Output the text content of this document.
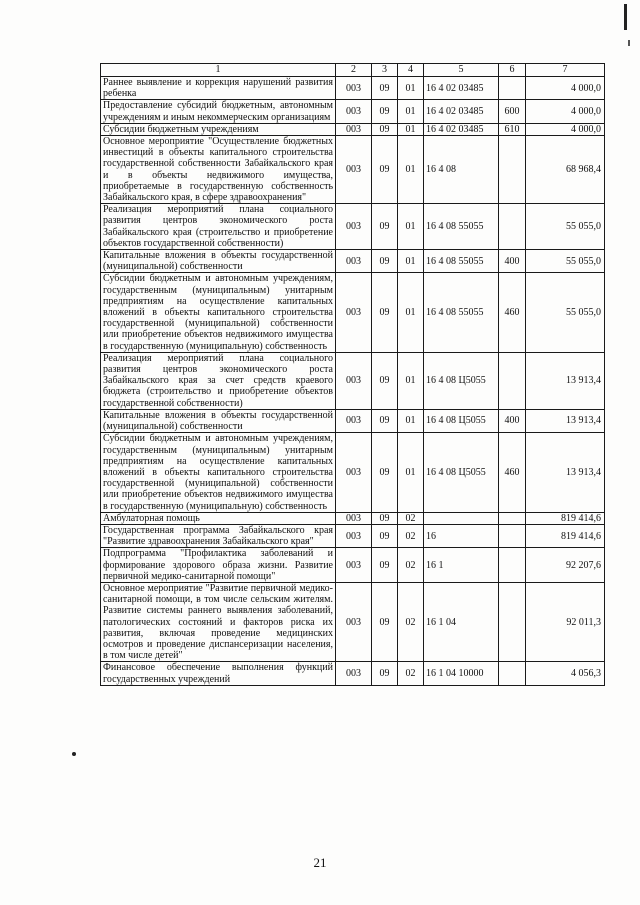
1	2	3	4	5	6	7
Раннее выявление и коррекция нарушений развития ребенка	003	09	01	16 4 02 03485		4 000,0
Предоставление субсидий бюджетным, автономным учреждениям и иным некоммерческим организациям	003	09	01	16 4 02 03485	600	4 000,0
Субсидии бюджетным учреждениям	003	09	01	16 4 02 03485	610	4 000,0
Основное мероприятие "Осуществление бюджетных инвестиций в объекты капитального строительства государственной собственности Забайкальского края и в объекты недвижимого имущества, приобретаемые в государственную собственность Забайкальского края, в сфере здравоохранения"	003	09	01	16 4 08		68 968,4
Реализация мероприятий плана социального развития центров экономического роста Забайкальского края (строительство и приобретение объектов государственной собственности)	003	09	01	16 4 08 55055		55 055,0
Капитальные вложения в объекты государственной (муниципальной) собственности	003	09	01	16 4 08 55055	400	55 055,0
Субсидии бюджетным и автономным учреждениям, государственным (муниципальным) унитарным предприятиям на осуществление капитальных вложений в объекты капитального строительства государственной (муниципальной) собственности или приобретение объектов недвижимого имущества в государственную (муниципальную) собственность	003	09	01	16 4 08 55055	460	55 055,0
Реализация мероприятий плана социального развития центров экономического роста Забайкальского края за счет средств краевого бюджета (строительство и приобретение объектов государственной собственности)	003	09	01	16 4 08 Ц5055		13 913,4
Капитальные вложения в объекты государственной (муниципальной) собственности	003	09	01	16 4 08 Ц5055	400	13 913,4
Субсидии бюджетным и автономным учреждениям, государственным (муниципальным) унитарным предприятиям на осуществление капитальных вложений в объекты капитального строительства государственной (муниципальной) собственности или приобретение объектов недвижимого имущества в государственную (муниципальную) собственность	003	09	01	16 4 08 Ц5055	460	13 913,4
Амбулаторная помощь	003	09	02			819 414,6
Государственная программа Забайкальского края "Развитие здравоохранения Забайкальского края"	003	09	02	16		819 414,6
Подпрограмма "Профилактика заболеваний и формирование здорового образа жизни. Развитие первичной медико-санитарной помощи"	003	09	02	16 1		92 207,6
Основное мероприятие "Развитие первичной медико-санитарной помощи, в том числе сельским жителям. Развитие системы раннего выявления заболеваний, патологических состояний и факторов риска их развития, включая проведение медицинских осмотров и проведение диспансеризации населения, в том числе детей"	003	09	02	16 1 04		92 011,3
Финансовое обеспечение выполнения функций государственных учреждений	003	09	02	16 1 04 10000		4 056,3
21
